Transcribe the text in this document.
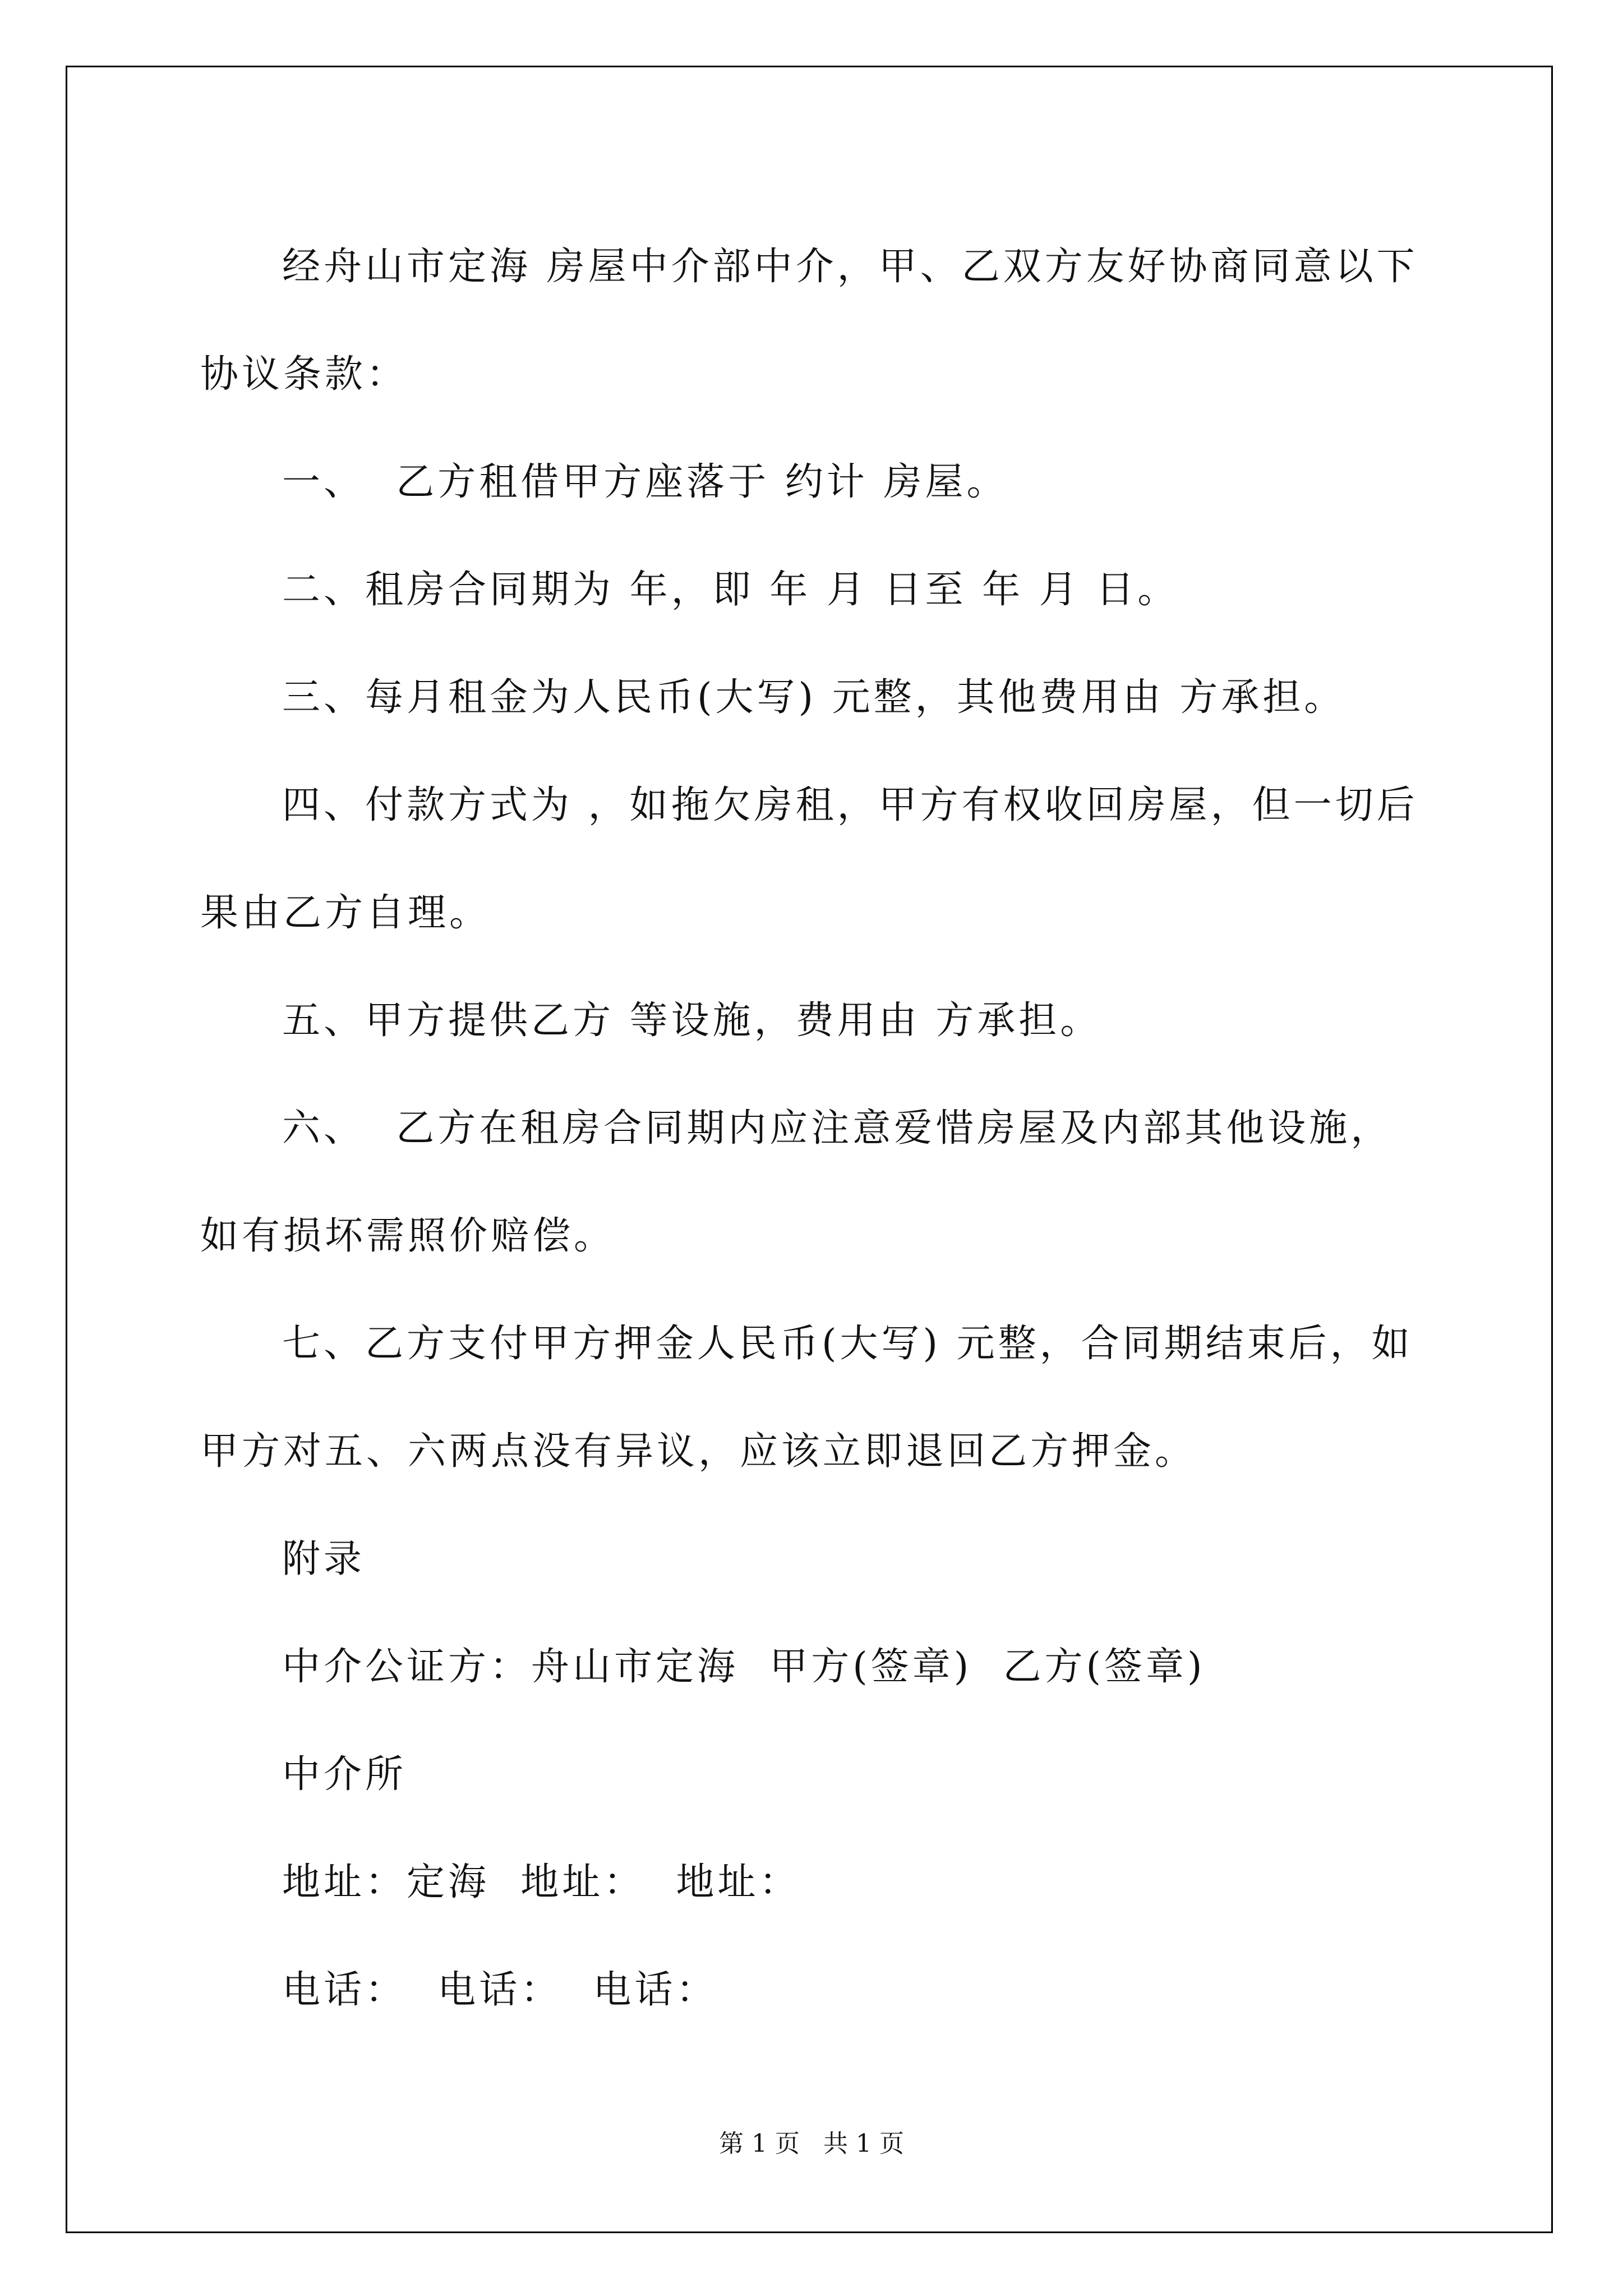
经舟山市定海 房屋中介部中介，甲、乙双方友好协商同意以下协议条款：

一、  乙方租借甲方座落于 约计 房屋。

二、租房合同期为 年，即 年 月 日至 年 月 日。

三、每月租金为人民币(大写) 元整，其他费用由 方承担。

四、付款方式为 ，如拖欠房租，甲方有权收回房屋，但一切后果由乙方自理。

五、甲方提供乙方 等设施，费用由 方承担。

六、  乙方在租房合同期内应注意爱惜房屋及内部其他设施，如有损坏需照价赔偿。

七、乙方支付甲方押金人民币(大写) 元整，合同期结束后，如甲方对五、六两点没有异议，应该立即退回乙方押金。

附录

中介公证方：舟山市定海  甲方(签章)  乙方(签章)

中介所

地址：定海  地址：  地址：

电话：  电话：  电话：

第 1 页   共 1 页
